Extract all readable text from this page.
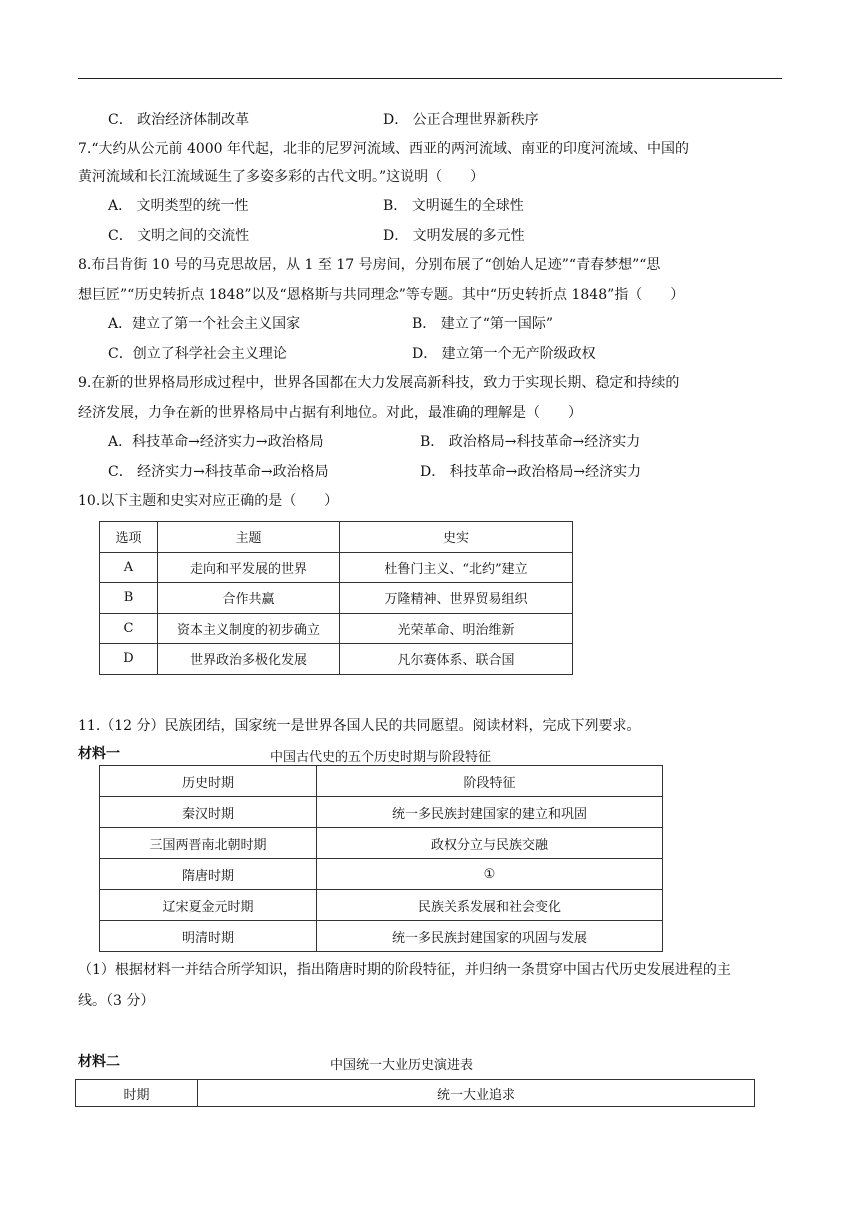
C． 政治经济体制改革	D． 公正合理世界新秩序
7.“大约从公元前 4000 年代起，北非的尼罗河流域、西亚的两河流域、南亚的印度河流域、中国的
黄河流域和长江流域诞生了多姿多彩的古代文明。”这说明（　　）
A． 文明类型的统一性	B． 文明诞生的全球性
C． 文明之间的交流性	D． 文明发展的多元性
8.布吕肯街 10 号的马克思故居，从 1 至 17 号房间，分别布展了“创始人足迹”“青春梦想”“思
想巨匠”“历史转折点 1848”以及“恩格斯与共同理念”等专题。其中“历史转折点 1848”指（　　）
A．建立了第一个社会主义国家	B． 建立了“第一国际”
C．创立了科学社会主义理论	D． 建立第一个无产阶级政权
9.在新的世界格局形成过程中，世界各国都在大力发展高新科技，致力于实现长期、稳定和持续的
经济发展，力争在新的世界格局中占据有利地位。对此，最准确的理解是（　　）
A．科技革命→经济实力→政治格局	B． 政治格局→科技革命→经济实力
C． 经济实力→科技革命→政治格局	D． 科技革命→政治格局→经济实力
10.以下主题和史实对应正确的是（　　）
选项	主题	史实
A	走向和平发展的世界	杜鲁门主义、“北约”建立
B	合作共赢	万隆精神、世界贸易组织
C	资本主义制度的初步确立	光荣革命、明治维新
D	世界政治多极化发展	凡尔赛体系、联合国
11.（12 分）民族团结，国家统一是世界各国人民的共同愿望。阅读材料，完成下列要求。
材料一	中国古代史的五个历史时期与阶段特征
历史时期	阶段特征
秦汉时期	统一多民族封建国家的建立和巩固
三国两晋南北朝时期	政权分立与民族交融
隋唐时期	①
辽宋夏金元时期	民族关系发展和社会变化
明清时期	统一多民族封建国家的巩固与发展
（1）根据材料一并结合所学知识，指出隋唐时期的阶段特征，并归纳一条贯穿中国古代历史发展进程的主
线。（3 分）
材料二	中国统一大业历史演进表
时期	统一大业追求
